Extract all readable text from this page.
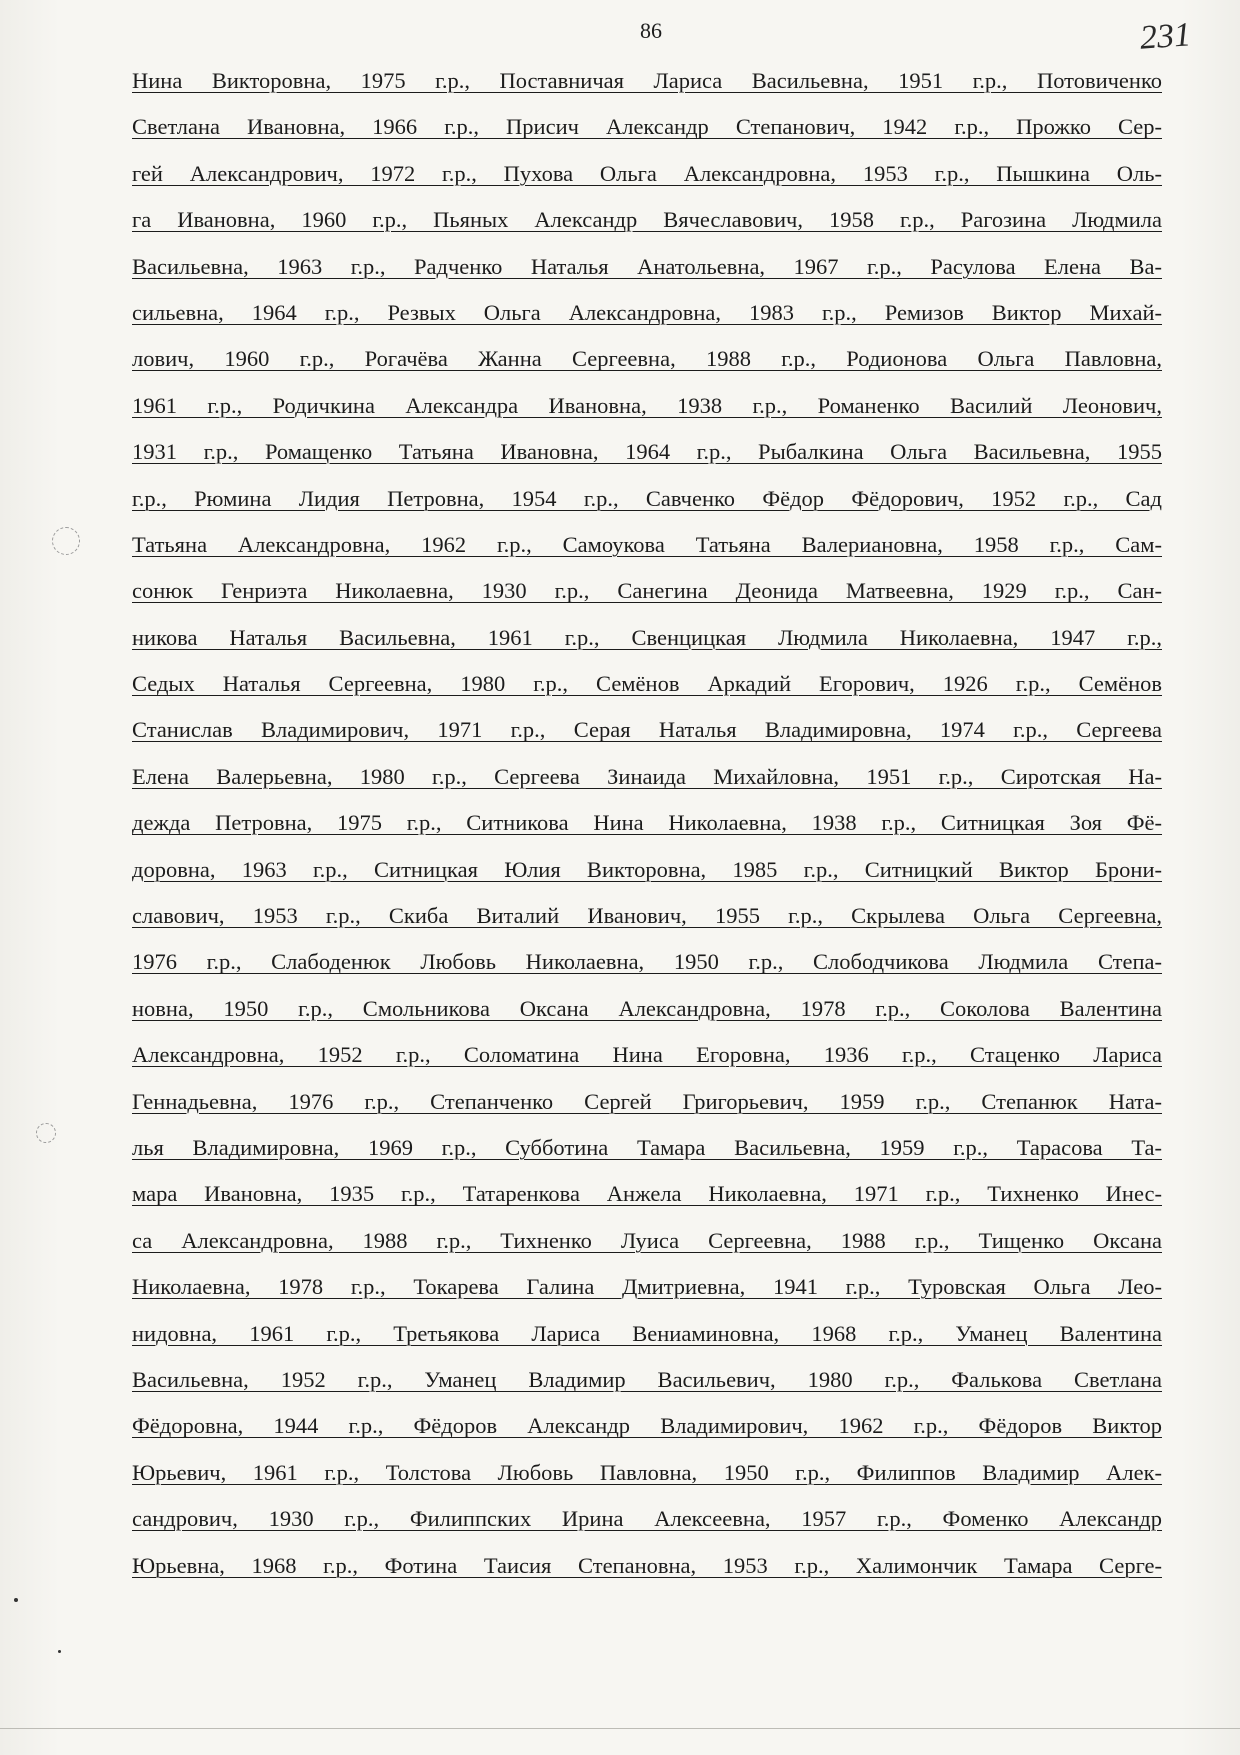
86	231
Нина Викторовна, 1975 г.р., Поставничая Лариса Васильевна, 1951 г.р., Потовиченко
Светлана Ивановна, 1966 г.р., Присич Александр Степанович, 1942 г.р., Прожко Сер-
гей Александрович, 1972 г.р., Пухова Ольга Александровна, 1953 г.р., Пышкина Оль-
га Ивановна, 1960 г.р., Пьяных Александр Вячеславович, 1958 г.р., Рагозина Людмила
Васильевна, 1963 г.р., Радченко Наталья Анатольевна, 1967 г.р., Расулова Елена Ва-
сильевна, 1964 г.р., Резвых Ольга Александровна, 1983 г.р., Ремизов Виктор Михай-
лович, 1960 г.р., Рогачёва Жанна Сергеевна, 1988 г.р., Родионова Ольга Павловна,
1961 г.р., Родичкина Александра Ивановна, 1938 г.р., Романенко Василий Леонович,
1931 г.р., Ромащенко Татьяна Ивановна, 1964 г.р., Рыбалкина Ольга Васильевна, 1955
г.р., Рюмина Лидия Петровна, 1954 г.р., Савченко Фёдор Фёдорович, 1952 г.р., Сад
Татьяна Александровна, 1962 г.р., Самоукова Татьяна Валериановна, 1958 г.р., Сам-
сонюк Генриэта Николаевна, 1930 г.р., Санегина Деонида Матвеевна, 1929 г.р., Сан-
никова Наталья Васильевна, 1961 г.р., Свенцицкая Людмила Николаевна, 1947 г.р.,
Седых Наталья Сергеевна, 1980 г.р., Семёнов Аркадий Егорович, 1926 г.р., Семёнов
Станислав Владимирович, 1971 г.р., Серая Наталья Владимировна, 1974 г.р., Сергеева
Елена Валерьевна, 1980 г.р., Сергеева Зинаида Михайловна, 1951 г.р., Сиротская На-
дежда Петровна, 1975 г.р., Ситникова Нина Николаевна, 1938 г.р., Ситницкая Зоя Фё-
доровна, 1963 г.р., Ситницкая Юлия Викторовна, 1985 г.р., Ситницкий Виктор Брони-
славович, 1953 г.р., Скиба Виталий Иванович, 1955 г.р., Скрылева Ольга Сергеевна,
1976 г.р., Слабоденюк Любовь Николаевна, 1950 г.р., Слободчикова Людмила Степа-
новна, 1950 г.р., Смольникова Оксана Александровна, 1978 г.р., Соколова Валентина
Александровна, 1952 г.р., Соломатина Нина Егоровна, 1936 г.р., Стаценко Лариса
Геннадьевна, 1976 г.р., Степанченко Сергей Григорьевич, 1959 г.р., Степанюк Ната-
лья Владимировна, 1969 г.р., Субботина Тамара Васильевна, 1959 г.р., Тарасова Та-
мара Ивановна, 1935 г.р., Татаренкова Анжела Николаевна, 1971 г.р., Тихненко Инес-
са Александровна, 1988 г.р., Тихненко Луиса Сергеевна, 1988 г.р., Тищенко Оксана
Николаевна, 1978 г.р., Токарева Галина Дмитриевна, 1941 г.р., Туровская Ольга Лео-
нидовна, 1961 г.р., Третьякова Лариса Вениаминовна, 1968 г.р., Уманец Валентина
Васильевна, 1952 г.р., Уманец Владимир Васильевич, 1980 г.р., Фалькова Светлана
Фёдоровна, 1944 г.р., Фёдоров Александр Владимирович, 1962 г.р., Фёдоров Виктор
Юрьевич, 1961 г.р., Толстова Любовь Павловна, 1950 г.р., Филиппов Владимир Алек-
сандрович, 1930 г.р., Филиппских Ирина Алексеевна, 1957 г.р., Фоменко Александр
Юрьевна, 1968 г.р., Фотина Таисия Степановна, 1953 г.р., Халимончик Тамара Серге-
